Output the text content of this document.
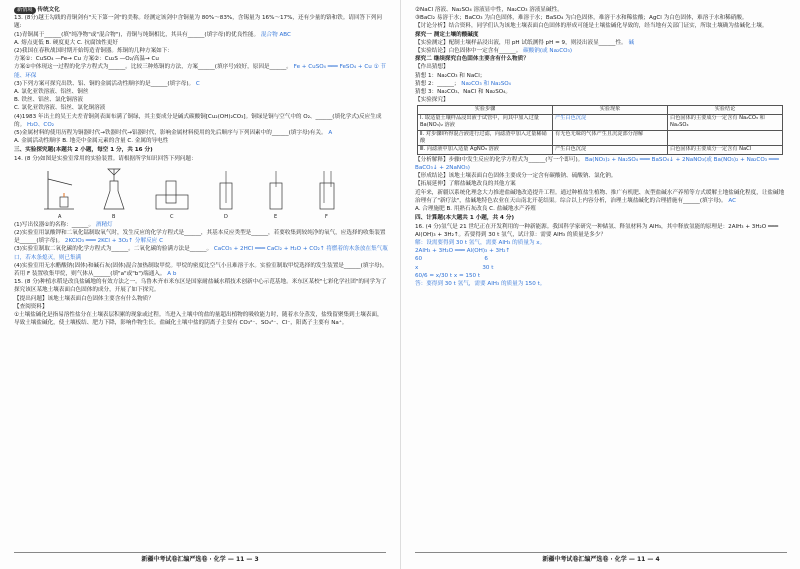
新情境 传统文化
13. (8分)越王勾践的青铜剑有"天下第一剑"的美称。经测定该剑中含铜量为 80%～83%，含锡量为 16%～17%，还有少量的铬和铁。请回答下列问题:
(1)青铜属于______(填"纯净物"或"混合物")，青铜与纯铜相比，其具有______(填字母)的优良性能。 混合物 ABC
A. 熔点更低 B. 硬度更大 C. 抗腐蚀性更好
(2)我国在春秋战国时期开始铸造青铜器。炼铜的几种方案如下：
方案①：CuSO₄ —Fe→ Cu 方案②：Cu₂S —O₂/高温→ Cu
方案①中体现这一过程的化学方程式为______。比较三种炼铜的方法，方案______(填序号)较好，原因是______。 Fe + CuSO₄ ═══ FeSO₄ + Cu ① 节能、环保
(3)下列方案可探究出铁、铝、铜的金属活动性顺序的是______(填字母)。 C
A. 氯化亚铁溶液、铝丝、铜丝
B. 铁丝、铝丝、氯化铜溶液
C. 氯化亚铁溶液、铝丝、氯化铜溶液
(4)1983 年出土的吴王夫差青铜剑表面布满了铜绿，其主要成分是碱式碳酸铜[Cu₂(OH)₂CO₃]。铜绿是铜与空气中的 O₂、______(填化学式)反应生成的。 H₂O、CO₂
(5)金属材料的使用历程为铜器时代→铁器时代→铝器时代，影响金属材料使用的先后顺序与下列因素中的______(填字母)有关。 A
A. 金属活动性顺序 B. 地壳中金属元素的含量 C. 金属的导电性
三、实验探究题(本题共 2 小题，每空 1 分，共 16 分)
14. (8 分)如图是实验室常用的实验装置。请根据所学知识回答下列问题：
A	B	C	D	E	F
(1)写出仪器①的名称：______。 酒精灯
(2)实验室用氯酸钾和二氧化锰制取氧气时，发生反应的化学方程式是______，其基本反应类型是______，若要收集到较纯净的氧气，应选择的收集装置是______(填字母)。 2KClO₃ ═══ 2KCl + 3O₂↑ 分解反应 C
(3)实验室制取二氧化碳的化学方程式为______。二氧化碳的验满方法是______。 CaCO₃ + 2HCl ═══ CaCl₂ + H₂O + CO₂↑ 将燃着的木条放在集气瓶口，若木条熄灭，则已集满
(4)实验室用无水醋酸钠(固体)和碱石灰(固体)混合加热制取甲烷。甲烷的密度比空气小且难溶于水。实验室制取甲烷选择的发生装置是______(填字母)。若用 F 装置收集甲烷，则气体从______(填"a"或"b")端通入。 A b
15. (8 分)种植水稻是改良盐碱地的有效方法之一。乌鲁木齐市米东区是国家耐盐碱水稻技术创新中心示范基地。米东区某校"七彩化学社团"的同学为了探究该区某地土壤表面白色固体的成分，开展了如下探究。
【提出问题】该地土壤表面白色固体主要含有什么物质？
【查阅资料】
①土壤盐碱化是指易溶性盐分在土壤表层积累的现象或过程。当进入土壤中的盐的量超出植物的吸收能力时，随着水分蒸发，盐残留聚集到土壤表面，导致土壤盐碱化，使土壤板结、肥力下降，影响作物生长。盐碱化土壤中盐的阴离子主要有 CO₃²⁻、SO₄²⁻、Cl⁻，阳离子主要有 Na⁺。
新疆中考试卷汇编严选卷 · 化学 — 11 — 3
②NaCl 溶液、Na₂SO₄ 溶液显中性，Na₂CO₃ 溶液显碱性。
③BaCl₂ 易溶于水；BaCO₃ 为白色固体，难溶于水；BaSO₄ 为白色固体，难溶于水和稀盐酸；AgCl 为白色固体，难溶于水和稀硝酸。
【讨论分析】结合资料，同学们认为该地土壤表面白色固体的形成可能是土壤盐碱化导致的，经当地有关部门证实，所取土壤确为盐碱化土壤。
探究一 测定土壤的酸碱度
【实验测定】配制土壤样品浸出液，用 pH 试纸测得 pH = 9，则浸出液显______性。 碱
【实验结论】白色固体中一定含有______。 碳酸钠(或 Na₂CO₃)
探究二 继续探究白色固体主要含有什么物质？
【作出猜想】
猜想 1：Na₂CO₃ 和 NaCl；
猜想 2：______； Na₂CO₃ 和 Na₂SO₄
猜想 3：Na₂CO₃、NaCl 和 Na₂SO₄。
【实验探究】
实验步骤	实验现象	实验结论
Ⅰ. 取适量土壤样品浸出液于试管中，向其中加入过量 Ba(NO₃)₂ 溶液	产生白色沉淀	白色固体的主要成分一定含有 Na₂CO₃ 和 Na₂SO₄
Ⅱ. 对步骤Ⅰ所得混合液进行过滤，向滤渣中加入过量稀硝酸	有无色无味的气体产生且沉淀部分溶解	
Ⅲ. 向滤液中加入适量 AgNO₃ 溶液	产生白色沉淀	白色固体的主要成分一定含有 NaCl
【分析解释】步骤Ⅰ中发生反应的化学方程式为______(写一个即可)。 Ba(NO₃)₂ + Na₂SO₄ ═══ BaSO₄↓ + 2NaNO₃(或 Ba(NO₃)₂ + Na₂CO₃ ═══ BaCO₃↓ + 2NaNO₃)
【形成结论】该地土壤表面白色固体主要成分一定含有碳酸钠、硫酸钠、氯化钠。
【拓展延伸】了解盐碱地改良的其他方案
近年来，新疆以系统化理念大力推进盐碱地改造提升工程。通过种植盐生植物、推广有机肥、灰型盐碱水产养殖等方式缓解土地盐碱化程度，让盐碱地治理有了"新疗法"，盐碱地特色农业在天山南北开花结果。综合以上内容分析，治理土壤盐碱化的合理措施有______(填字母)。 AC
A. 合理施肥 B. 用熟石灰改良 C. 盐碱地水产养殖
四、计算题(本大题共 1 小题，共 4 分)
16. (4 分)氢气是 21 世纪正在开发利用的一种新能源。我国科学家研究一种储氢、释氢材料为 AlH₃，其中释放氢能的原理是：2AlH₃ + 3H₂O ═══ Al(OH)₃ + 3H₂↑。若要得到 30 t 氢气，试计算：需要 AlH₃ 的质量是多少？
解：设需要得到 30 t 氢气，需要 AlH₃ 的质量为 x。
2AlH₃ + 3H₂O ═══ Al(OH)₃ + 3H₂↑
60                                   6
x                                    30 t
60/6 = x/30 t x = 150 t
答：要得到 30 t 氢气，需要 AlH₃ 的质量为 150 t。
新疆中考试卷汇编严选卷 · 化学 — 11 — 4
